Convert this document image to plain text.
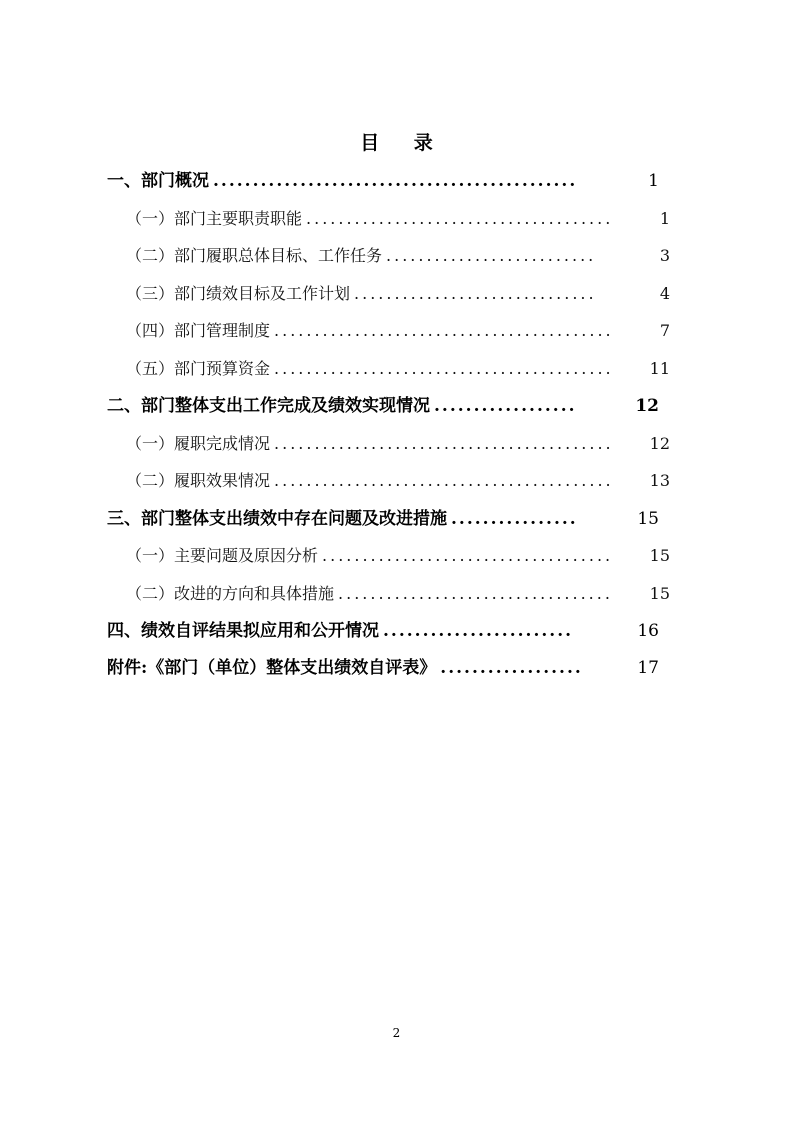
目 录
一、部门概况 ..............................................	1
（一）部门主要职责职能 ......................................	1
（二）部门履职总体目标、工作任务 ..........................	3
（三）部门绩效目标及工作计划 ..............................	4
（四）部门管理制度 ..........................................	7
（五）部门预算资金 ..........................................	11
二、部门整体支出工作完成及绩效实现情况 ..................	12
（一）履职完成情况 ..........................................	12
（二）履职效果情况 ..........................................	13
三、部门整体支出绩效中存在问题及改进措施 ................	15
（一）主要问题及原因分析 ....................................	15
（二）改进的方向和具体措施 ..................................	15
四、绩效自评结果拟应用和公开情况 ........................	16
附件:《部门（单位）整体支出绩效自评表》 ..................	17
2
